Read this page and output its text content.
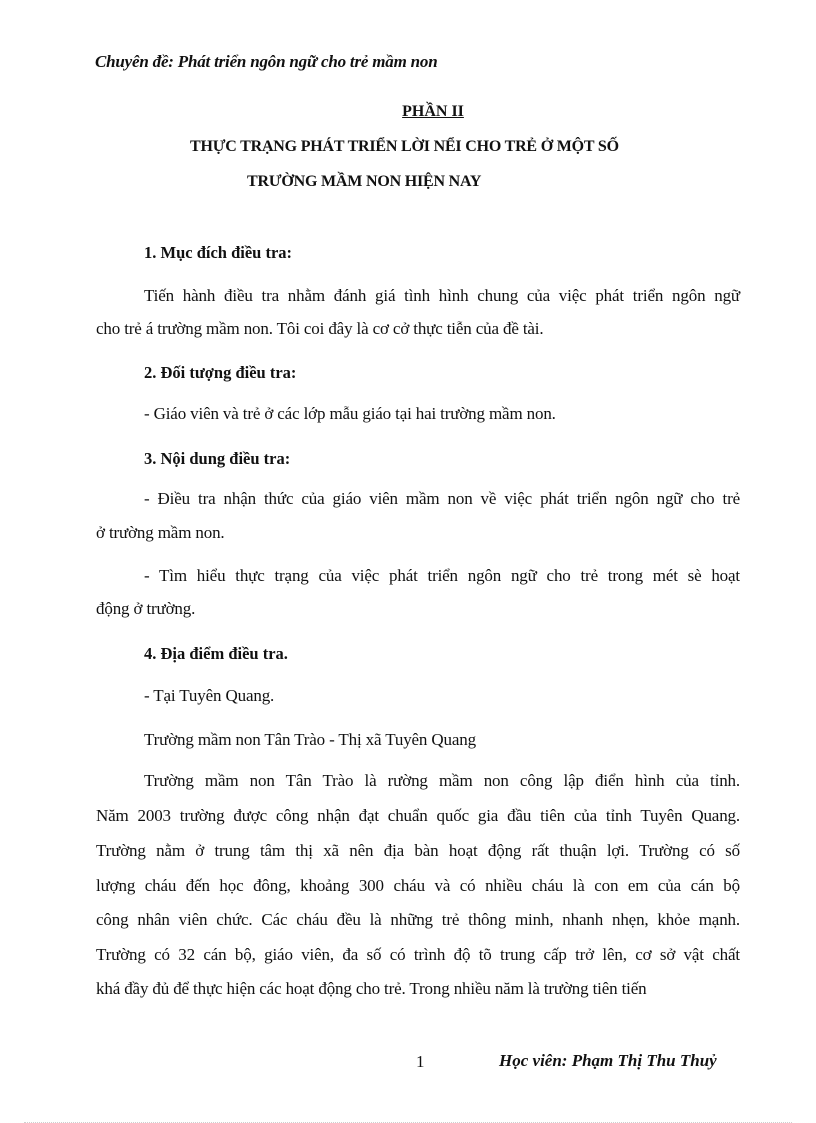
Chuyên đề: Phát triển ngôn ngữ cho trẻ mầm non
PHẦN II
THỰC TRẠNG PHÁT TRIỂN LỜI NỂI CHO TRẺ Ở MỘT SỐ
TRƯỜNG MẦM NON HIỆN NAY
1. Mục đích điều tra:
Tiến hành điều tra nhằm đánh giá tình hình chung của việc phát triển ngôn ngữ
cho trẻ á trường mầm non. Tôi coi đây là cơ cở thực tiễn của đề tài.
2. Đối tượng điều tra:
- Giáo viên và trẻ ở các lớp mẫu giáo tại hai trường mầm non.
3. Nội dung điều tra:
- Điều tra nhận thức của giáo viên mầm non về việc phát triển ngôn ngữ cho trẻ
ở trường mầm non.
- Tìm hiểu thực trạng của việc phát triển ngôn ngữ cho trẻ trong mét sè hoạt
động ở trường.
4. Địa điểm điều tra.
- Tại Tuyên Quang.
Trường mầm non Tân Trào - Thị xã Tuyên Quang
Trường mầm non Tân Trào là rường mầm non công lập điển hình của tỉnh.
Năm 2003 trường được công nhận đạt chuẩn quốc gia đầu tiên của tỉnh Tuyên Quang.
Trường nằm ở trung tâm thị xã nên địa bàn hoạt động rất thuận lợi. Trường có số
lượng cháu đến học đông, khoảng 300 cháu và có nhiều cháu là con em của cán bộ
công nhân viên chức. Các cháu đều là những trẻ thông minh, nhanh nhẹn, khỏe mạnh.
Trường có 32 cán bộ, giáo viên, đa số có trình độ tõ trung cấp trở lên, cơ sở vật chất
khá đầy đủ để thực hiện các hoạt động cho trẻ. Trong nhiều năm là trường tiên tiến
1	Học viên: Phạm Thị Thu Thuỷ
